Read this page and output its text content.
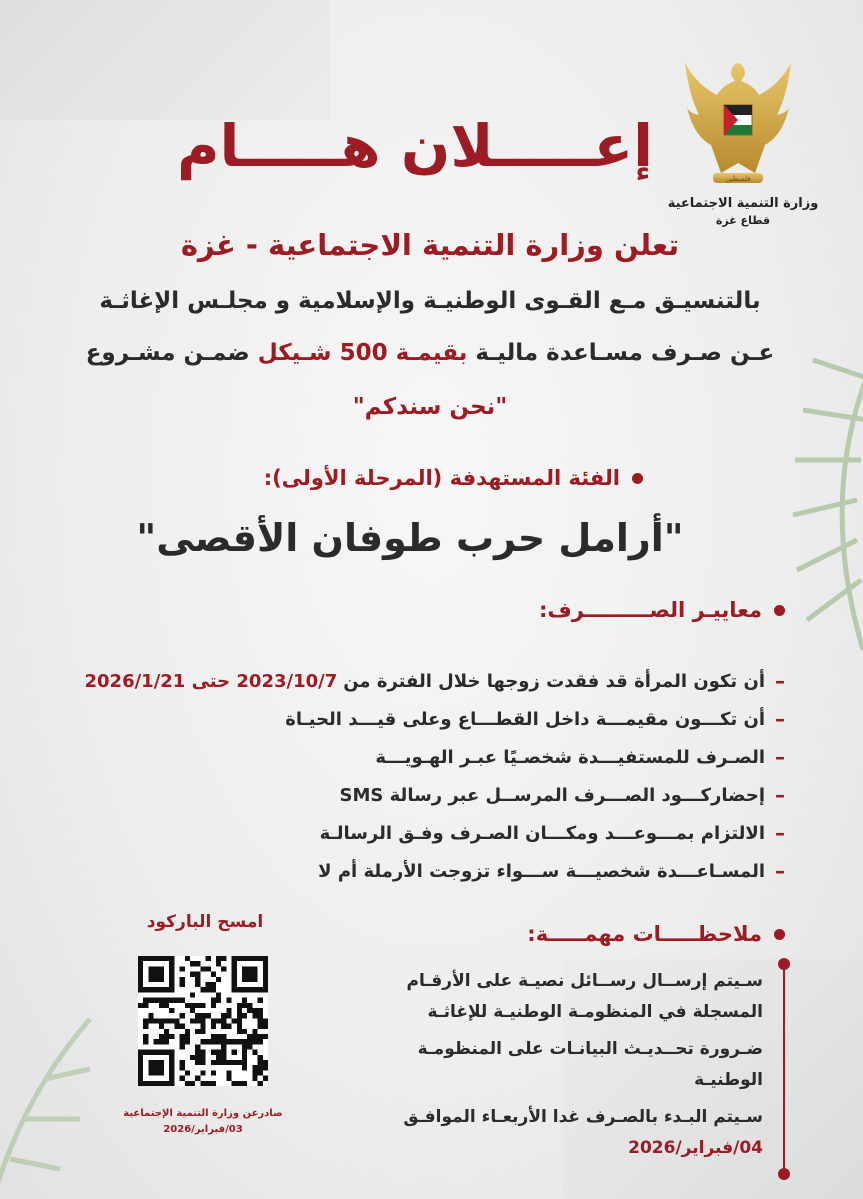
فلسطين
وزارة التنمية الاجتماعية
قطاع غزة
إعـــــلان هـــــام
تعلن وزارة التنمية الاجتماعية - غزة
بالتنسيـق مـع القـوى الوطنيـة والإسلامية و مجلـس الإغاثـة
عـن صـرف مسـاعدة ماليـة بقيمـة 500 شـيكل ضمـن مشـروع
"نحن سندكم"
الفئة المستهدفة (المرحلة الأولى):
"أرامل حرب طوفان الأقصى"
معاييـر الصـــــــــرف:
–
أن تكون المرأة قد فقدت زوجها خلال الفترة من
2023/10/7 حتى 2026/1/21
–
أن تكـــون مقيمـــة داخل القطـــاع وعلى قيـــد الحيـاة
–
الصـرف للمستفيـــدة شخصـيًا عبـر الهـويـــة
–
إحضاركـــود الصـــرف المرســل عبر رسالة SMS
–
الالتزام بمـــوعـــد ومكـــان الصـرف وفـق الرسالـة
–
المسـاعـــدة شخصيـــة ســـواء تزوجت الأرملة أم لا
ملاحظـــــات مهمـــــة:
سـيتم إرســال رســائل نصيـة على الأرقـام
المسجلة في المنظومـة الوطنيـة للإغاثـة
ضـرورة تحــديـث البيانـات على المنظومـة
الوطنيـة
سـيتم البـدء بالصـرف غدا الأربعـاء الموافـق
04/فبراير/2026
امسح الباركود
صادرعن وزارة التنمية الإجتماعية
03/فبراير/2026
